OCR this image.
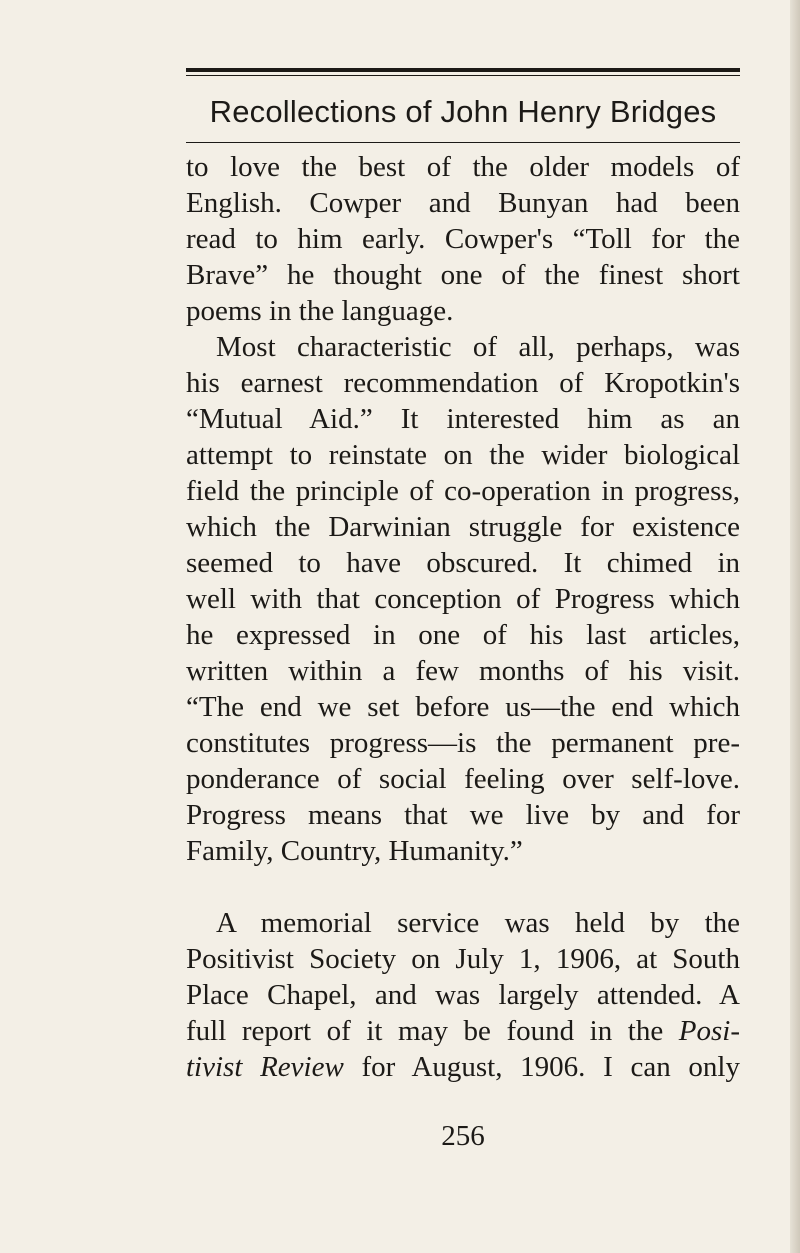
Recollections of John Henry Bridges
to love the best of the older models of
English. Cowper and Bunyan had been
read to him early. Cowper's “Toll for the
Brave” he thought one of the finest short
poems in the language.
Most characteristic of all, perhaps, was
his earnest recommendation of Kropotkin's
“Mutual Aid.” It interested him as an
attempt to reinstate on the wider biological
field the principle of co-operation in progress,
which the Darwinian struggle for existence
seemed to have obscured. It chimed in
well with that conception of Progress which
he expressed in one of his last articles,
written within a few months of his visit.
“The end we set before us—the end which
constitutes progress—is the permanent pre-
ponderance of social feeling over self-love.
Progress means that we live by and for
Family, Country, Humanity.”
A memorial service was held by the
Positivist Society on July 1, 1906, at South
Place Chapel, and was largely attended. A
full report of it may be found in the Posi-
tivist Review for August, 1906. I can only
256
